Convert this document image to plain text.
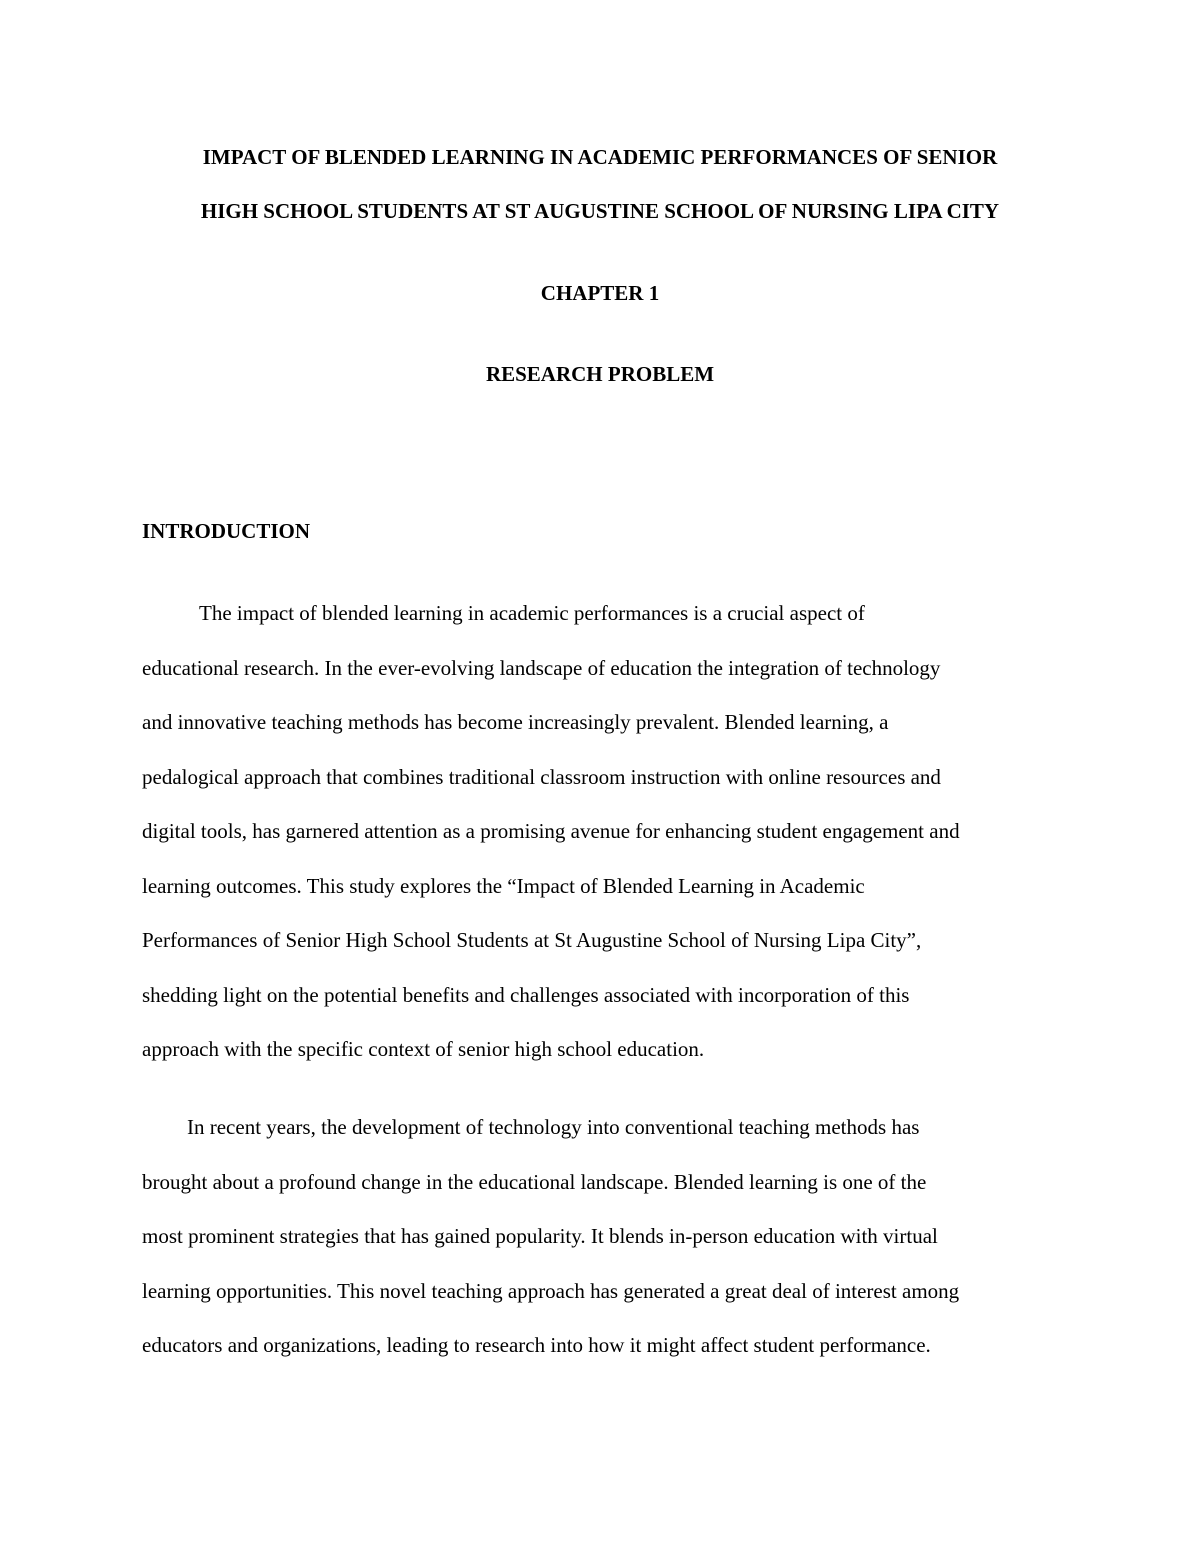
IMPACT OF BLENDED LEARNING IN ACADEMIC PERFORMANCES OF SENIOR
HIGH SCHOOL STUDENTS AT ST AUGUSTINE SCHOOL OF NURSING LIPA CITY
CHAPTER 1
RESEARCH PROBLEM
INTRODUCTION
The impact of blended learning in academic performances is a crucial aspect of
educational research. In the ever-evolving landscape of education the integration of technology
and innovative teaching methods has become increasingly prevalent. Blended learning, a
pedalogical approach that combines traditional classroom instruction with online resources and
digital tools, has garnered attention as a promising avenue for enhancing student engagement and
learning outcomes. This study explores the “Impact of Blended Learning in Academic
Performances of Senior High School Students at St Augustine School of Nursing Lipa City”,
shedding light on the potential benefits and challenges associated with incorporation of this
approach with the specific context of senior high school education.
In recent years, the development of technology into conventional teaching methods has
brought about a profound change in the educational landscape. Blended learning is one of the
most prominent strategies that has gained popularity. It blends in-person education with virtual
learning opportunities. This novel teaching approach has generated a great deal of interest among
educators and organizations, leading to research into how it might affect student performance.
